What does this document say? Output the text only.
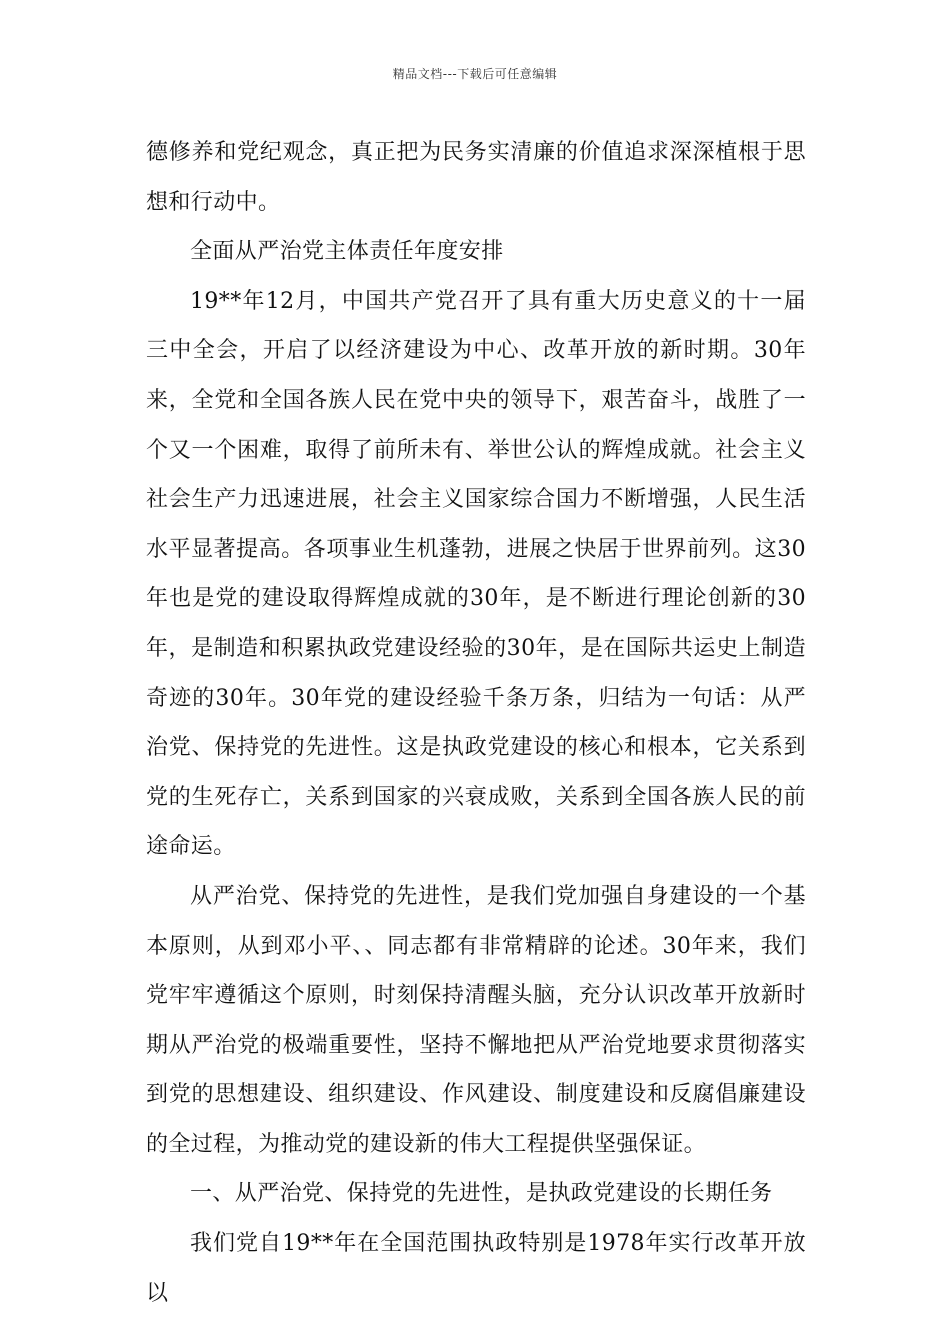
精品文档---下载后可任意编辑

德修养和党纪观念，真正把为民务实清廉的价值追求深深植根于思想和行动中。

全面从严治党主体责任年度安排

19**年12月，中国共产党召开了具有重大历史意义的十一届三中全会，开启了以经济建设为中心、改革开放的新时期。30年来，全党和全国各族人民在党中央的领导下，艰苦奋斗，战胜了一个又一个困难，取得了前所未有、举世公认的辉煌成就。社会主义社会生产力迅速进展，社会主义国家综合国力不断增强，人民生活水平显著提高。各项事业生机蓬勃，进展之快居于世界前列。这30年也是党的建设取得辉煌成就的30年，是不断进行理论创新的30年，是制造和积累执政党建设经验的30年，是在国际共运史上制造奇迹的30年。30年党的建设经验千条万条，归结为一句话：从严治党、保持党的先进性。这是执政党建设的核心和根本，它关系到党的生死存亡，关系到国家的兴衰成败，关系到全国各族人民的前途命运。

从严治党、保持党的先进性，是我们党加强自身建设的一个基本原则，从到邓小平、、同志都有非常精辟的论述。30年来，我们党牢牢遵循这个原则，时刻保持清醒头脑，充分认识改革开放新时期从严治党的极端重要性，坚持不懈地把从严治党地要求贯彻落实到党的思想建设、组织建设、作风建设、制度建设和反腐倡廉建设的全过程，为推动党的建设新的伟大工程提供坚强保证。

一、从严治党、保持党的先进性，是执政党建设的长期任务

我们党自19**年在全国范围执政特别是1978年实行改革开放以
